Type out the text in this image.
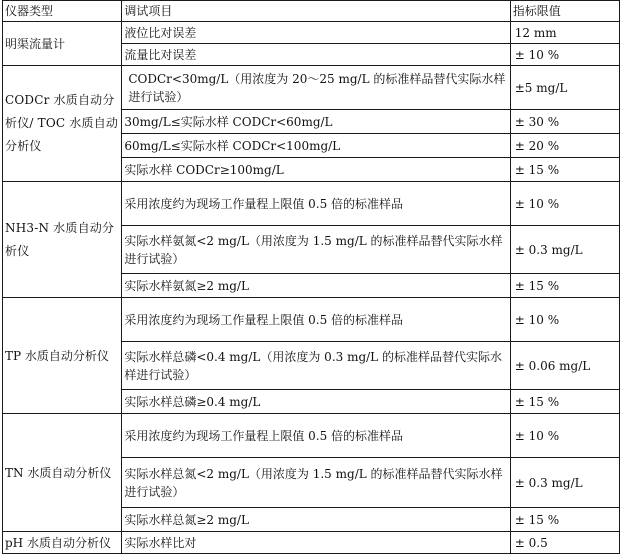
仪器类型	调试项目	指标限值
明渠流量计	液位比对误差	12 mm
	流量比对误差	± 10 %
CODCr 水质自动分析仪/ TOC 水质自动分析仪	CODCr<30mg/L（用浓度为 20～25 mg/L 的标准样品替代实际水样进行试验）	±5 mg/L
	30mg/L≤实际水样 CODCr<60mg/L	± 30 %
	60mg/L≤实际水样 CODCr<100mg/L	± 20 %
	实际水样 CODCr≥100mg/L	± 15 %
NH3-N 水质自动分析仪	采用浓度约为现场工作量程上限值 0.5 倍的标准样品	± 10 %
	实际水样氨氮<2 mg/L（用浓度为 1.5 mg/L 的标准样品替代实际水样进行试验）	± 0.3 mg/L
	实际水样氨氮≥2 mg/L	± 15 %
TP 水质自动分析仪	采用浓度约为现场工作量程上限值 0.5 倍的标准样品	± 10 %
	实际水样总磷<0.4 mg/L（用浓度为 0.3 mg/L 的标准样品替代实际水样进行试验）	± 0.06 mg/L
	实际水样总磷≥0.4 mg/L	± 15 %
TN 水质自动分析仪	采用浓度约为现场工作量程上限值 0.5 倍的标准样品	± 10 %
	实际水样总氮<2 mg/L（用浓度为 1.5 mg/L 的标准样品替代实际水样进行试验）	± 0.3 mg/L
	实际水样总氮≥2 mg/L	± 15 %
pH 水质自动分析仪	实际水样比对	± 0.5
